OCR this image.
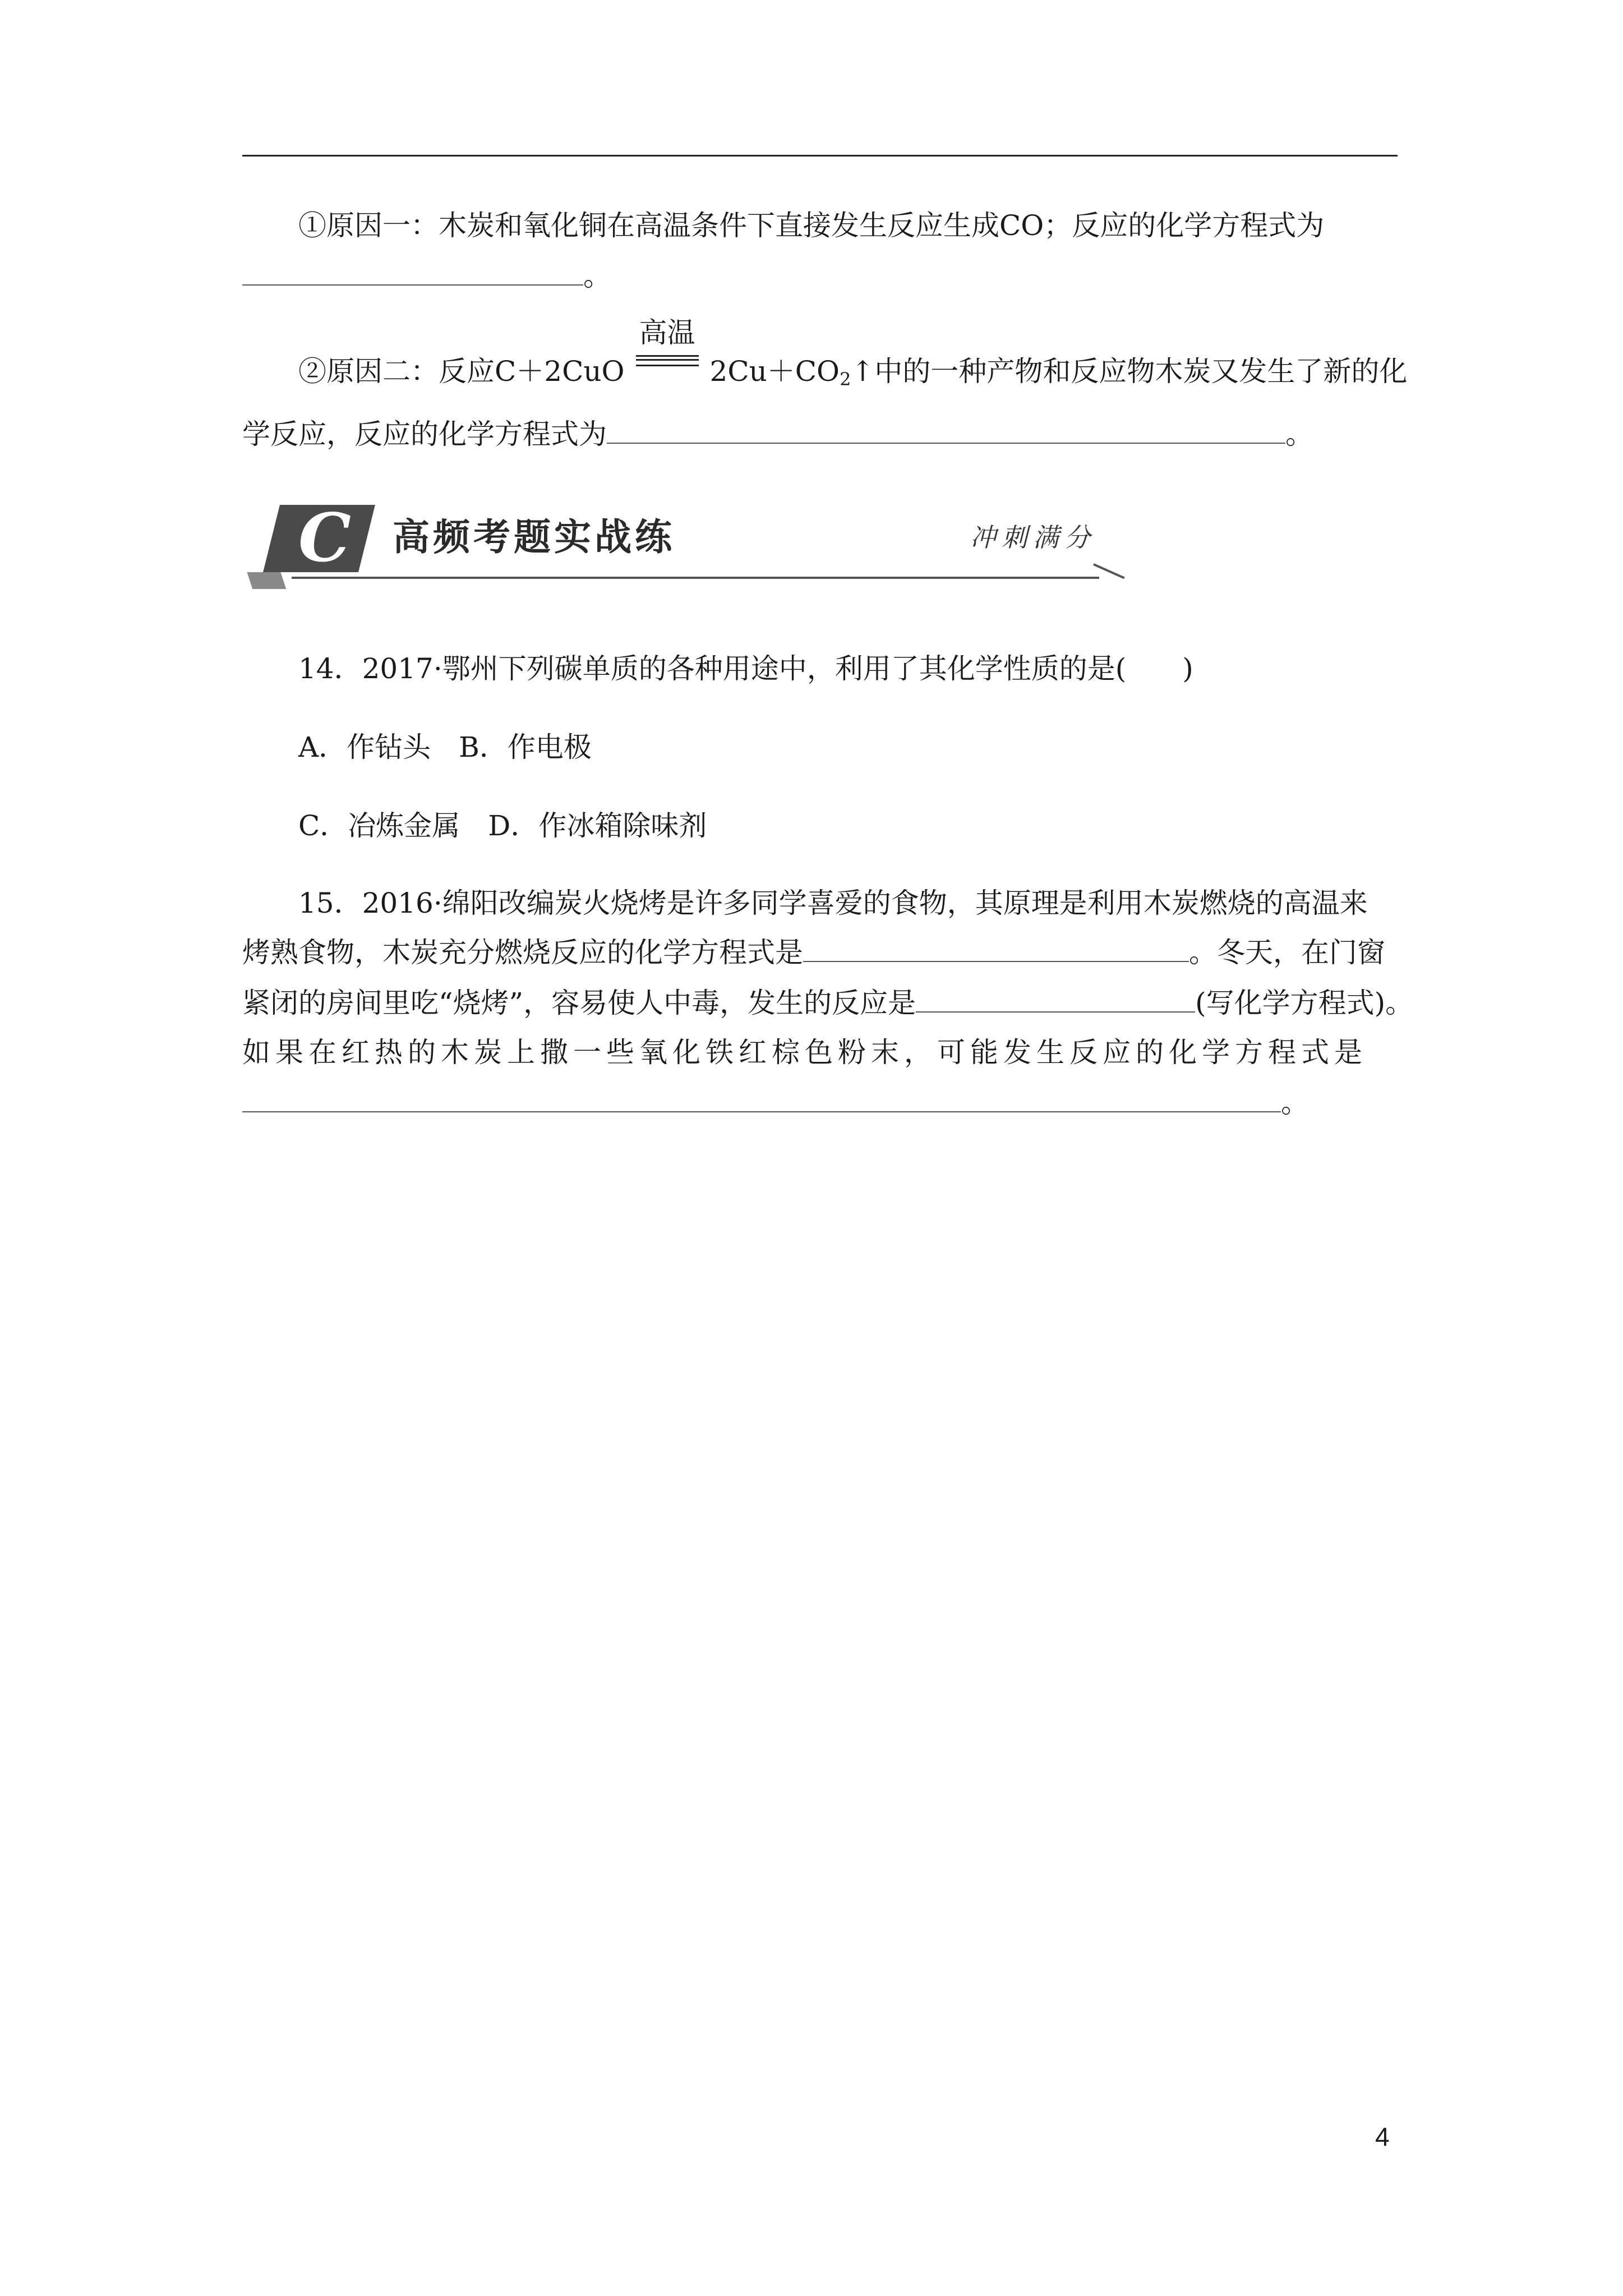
①原因一：木炭和氧化铜在高温条件下直接发生反应生成CO；反应的化学方程式为
。
②原因二：反应C＋2CuO
高温
$2Cu+CO_2↑$中的一种产物和反应物木炭又发生了新的化
学反应，反应的化学方程式为	。
C 高频考题实战练	冲刺满分
14．2017·鄂州下列碳单质的各种用途中，利用了其化学性质的是(　　)
A．作钻头　B．作电极
C．冶炼金属　D．作冰箱除味剂
15．2016·绵阳改编炭火烧烤是许多同学喜爱的食物，其原理是利用木炭燃烧的高温来
烤熟食物，木炭充分燃烧反应的化学方程式是	。冬天，在门窗
紧闭的房间里吃“烧烤”，容易使人中毒，发生的反应是	(写化学方程式)。
如果在红热的木炭上撒一些氧化铁红棕色粉末，可能发生反应的化学方程式是
。
4
